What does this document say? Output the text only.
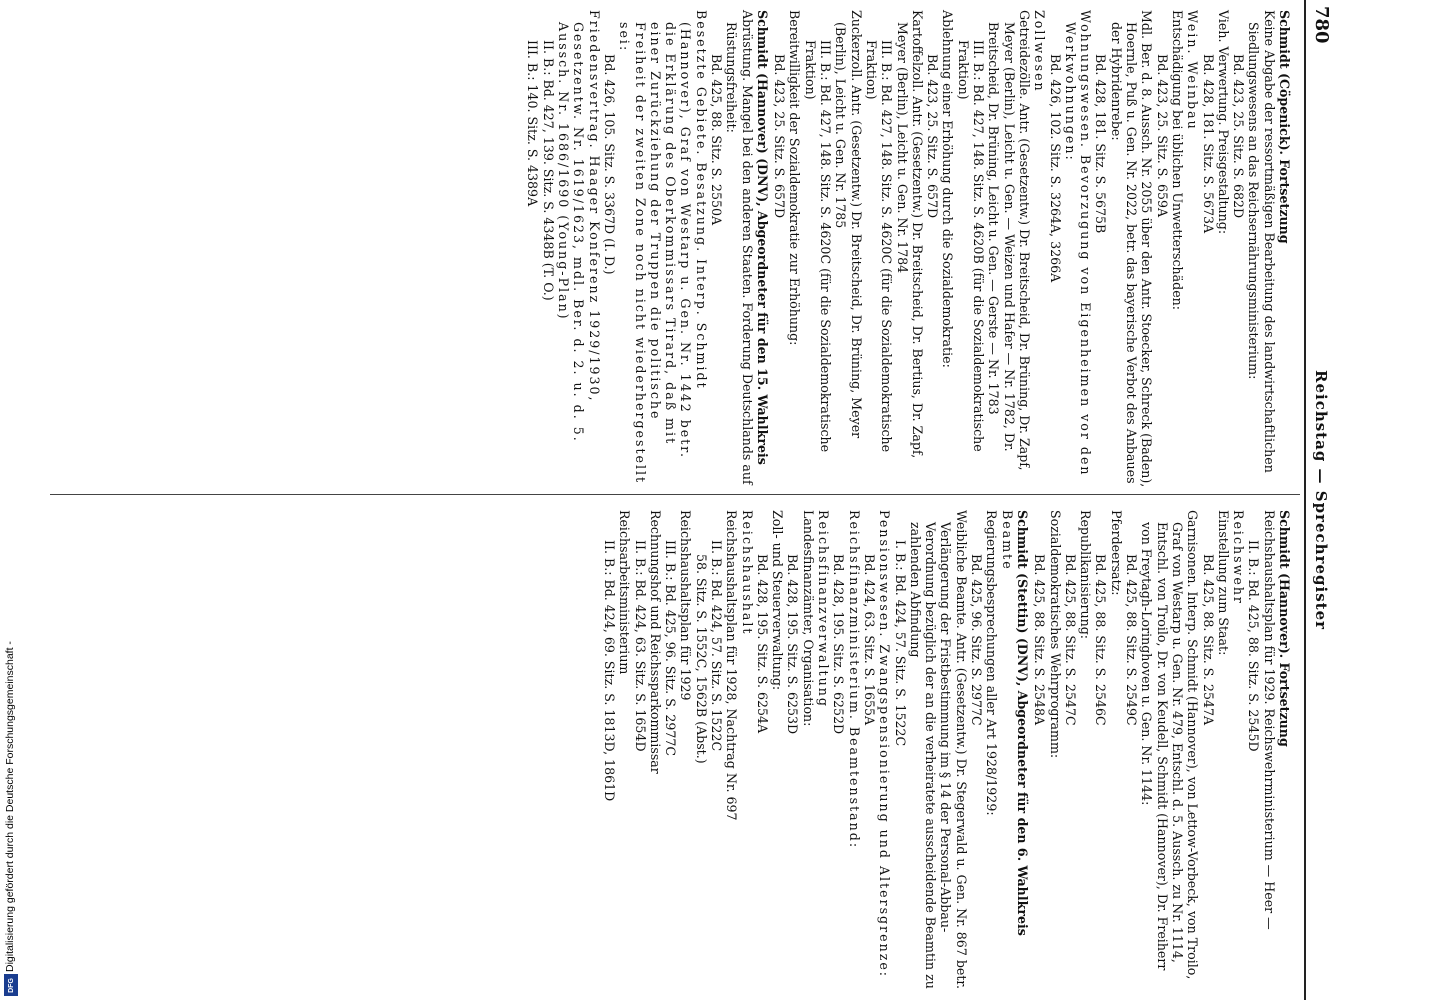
780
Reichstag — Sprechregister

Schmidt (Cöpenick). Fortsetzung

Keine Abgabe der ressortmäßigen Bearbeitung des landwirtschaftlichen Siedlungswesens an das Reichsernährungsministerium:

Bd. 423, 25. Sitz. S. 682D

Vieh. Verwertung. Preisgestaltung:

Bd. 428, 181. Sitz. S. 5673A

Wein. Weinbau

Entschädigung bei üblichen Unwetterschäden:

Bd. 423, 25. Sitz. S. 659A

Mdl. Ber. d. 8. Aussch. Nr. 2055 über den Antr. Stoecker, Schreck (Baden), Hoernle, Puß u. Gen. Nr. 2022, betr. das bayerische Verbot des Anbaues der Hybridenrebe:

Bd. 428, 181. Sitz. S. 5675B

Wohnungswesen. Bevorzugung von Eigenheimen vor den Werkwohnungen:

Bd. 426, 102. Sitz. S. 3264A, 3266A

Zollwesen

Getreidezölle. Antr. (Gesetzentw.) Dr. Breitscheid, Dr. Brüning, Dr. Zapf, Meyer (Berlin), Leicht u. Gen. — Weizen und Hafer — Nr. 1782, Dr. Breitscheid, Dr. Brüning, Leicht u. Gen. — Gerste — Nr. 1783

III. B.: Bd. 427, 148. Sitz. S. 4620B (für die Sozialdemokratische Fraktion)

Ablehnung einer Erhöhung durch die Sozialdemokratie:

Bd. 423, 25. Sitz. S. 657D

Kartoffelzoll. Antr. (Gesetzentw.) Dr. Breitscheid, Dr. Bertius, Dr. Zapf, Meyer (Berlin), Leicht u. Gen. Nr. 1784

III. B.: Bd. 427, 148. Sitz. S. 4620C (für die Sozialdemokratische Fraktion)

Zuckerzoll. Antr. (Gesetzentw.) Dr. Breitscheid, Dr. Brüning, Meyer (Berlin), Leicht u. Gen. Nr. 1785

III. B.: Bd. 427, 148. Sitz. S. 4620C (für die Sozialdemokratische Fraktion)

Bereitwilligkeit der Sozialdemokratie zur Erhöhung:

Bd. 423, 25. Sitz. S. 657D

Schmidt (Hannover) (DNV), Abgeordneter für den 15. Wahlkreis

Abrüstung. Mangel bei den anderen Staaten. Forderung Deutschlands auf Rüstungsfreiheit:

Bd. 425, 88. Sitz. S. 2550A

Besetzte Gebiete. Besatzung. Interp. Schmidt (Hannover), Graf von Westarp u. Gen. Nr. 1442 betr. die Erklärung des Oberkommissars Tirard, daß mit einer Zurückziehung der Truppen die politische Freiheit der zweiten Zone noch nicht wiederhergestellt sei:

Bd. 426, 105. Sitz. S. 3367D (I. D.)

Friedensvertrag. Haager Konferenz 1929/1930, Gesetzentw. Nr. 1619/1623, mdl. Ber. d. 2. u. d. 5. Aussch. Nr. 1686/1690 (Young-Plan)

II. B.: Bd. 427, 139. Sitz. S. 4348B (T. O.)

III. B.: 140. Sitz. S. 4389A

Schmidt (Hannover). Fortsetzung

Reichshaushaltsplan für 1929. Reichswehrministerium — Heer —

II. B.: Bd. 425, 88. Sitz. S. 2545D

Reichswehr

Einstellung zum Staat:

Bd. 425, 88. Sitz. S. 2547A

Garnisonen. Interp. Schmidt (Hannover), von Lettow-Vorbeck, von Troilo, Graf von Westarp u. Gen. Nr. 479, Entschl. d. 5. Aussch. zu Nr. 1114, Entschl. von Troilo, Dr. von Keudell, Schmidt (Hannover), Dr. Freiherr von Freytagh-Loringhoven u. Gen. Nr. 1144:

Bd. 425, 88. Sitz. S. 2549C

Pferdeersatz:

Bd. 425, 88. Sitz. S. 2546C

Republikanisierung:

Bd. 425, 88. Sitz. S. 2547C

Sozialdemokratisches Wehrprogramm:

Bd. 425, 88. Sitz. S. 2548A

Schmidt (Stettin) (DNV), Abgeordneter für den 6. Wahlkreis

Beamte

Regierungsbesprechungen aller Art 1928/1929:

Bd. 425, 96. Sitz. S. 2977C

Weibliche Beamte. Antr. (Gesetzentw.) Dr. Stegerwald u. Gen. Nr. 867 betr. Verlängerung der Fristbestimmung im § 14 der Personal-Abbau-Verordnung bezüglich der an die verheiratete ausscheidende Beamtin zu zahlenden Abfindung

I. B.: Bd. 424, 57. Sitz. S. 1522C

Pensionswesen. Zwangspensionierung und Altersgrenze:

Bd. 424, 63. Sitz. S. 1655A

Reichsfinanzministerium. Beamtenstand:

Bd. 428, 195. Sitz. S. 6252D

Reichsfinanzverwaltung

Landesfinanzämter, Organisation:

Bd. 428, 195. Sitz. S. 6253D

Zoll- und Steuerverwaltung:

Bd. 428, 195. Sitz. S. 6254A

Reichshaushalt

Reichshaushaltsplan für 1928, Nachtrag Nr. 697

II. B.: Bd. 424, 57. Sitz. S. 1522C

58. Sitz. S. 1552C, 1562B (Abst.)

Reichshaushaltsplan für 1929

III. B.: Bd. 425, 96. Sitz. S. 2977C

Rechnungshof und Reichssparkommissar

II. B.: Bd. 424, 63. Sitz. S. 1654D

Reichsarbeitsministerium

II. B.: Bd. 424, 69. Sitz. S. 1813D, 1861D

Digitalisierung gefördert durch die Deutsche Forschungsgemeinschaft -
DFG
